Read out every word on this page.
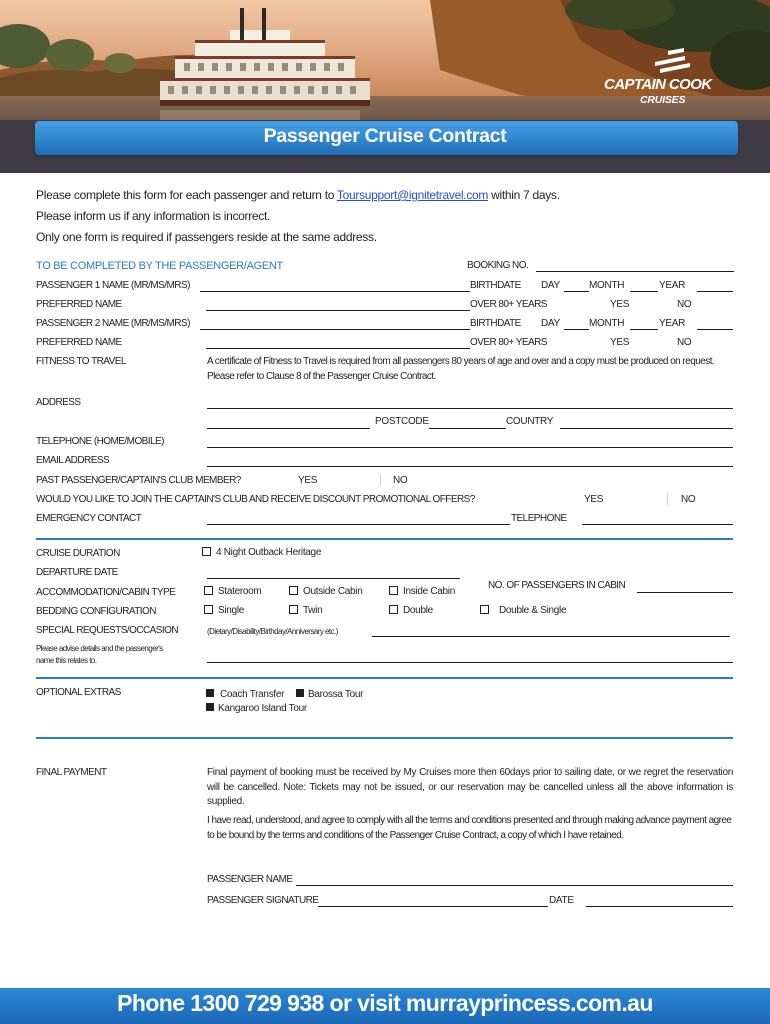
CAPTAIN COOK
CRUISES
Passenger Cruise Contract
Please complete this form for each passenger and return to Toursupport@ignitetravel.com within 7 days.
Please inform us if any information is incorrect.
Only one form is required if passengers reside at the same address.
TO BE COMPLETED BY THE PASSENGER/AGENT	BOOKING NO.
PASSENGER 1 NAME (MR/MS/MRS)	BIRTHDATE DAY	MONTH	YEAR
PREFERRED NAME	OVER 80+ YEARS	YES	NO
PASSENGER 2 NAME (MR/MS/MRS)	BIRTHDATE DAY	MONTH	YEAR
PREFERRED NAME	OVER 80+ YEARS	YES	NO
FITNESS TO TRAVEL	A certificate of Fitness to Travel is required from all passengers 80 years of age and over and a copy must be produced on request. Please refer to Clause 8 of the Passenger Cruise Contract.
ADDRESS
POSTCODE	COUNTRY
TELEPHONE (HOME/MOBILE)
EMAIL ADDRESS
PAST PASSENGER/CAPTAIN'S CLUB MEMBER?	YES	NO
WOULD YOU LIKE TO JOIN THE CAPTAIN'S CLUB AND RECEIVE DISCOUNT PROMOTIONAL OFFERS?	YES	NO
EMERGENCY CONTACT	TELEPHONE
CRUISE DURATION	4 Night Outback Heritage
DEPARTURE DATE
ACCOMMODATION/CABIN TYPE	Stateroom	Outside Cabin	Inside Cabin
NO. OF PASSENGERS IN CABIN
BEDDING CONFIGURATION	Single	Twin	Double	Double & Single
SPECIAL REQUESTS/OCCASION	(Dietary/Disability/Birthday/Anniversary etc.)
Please advise details and the passenger's
name this relates to.
OPTIONAL EXTRAS	Coach Transfer	Barossa Tour
Kangaroo Island Tour
FINAL PAYMENT	Final payment of booking must be received by My Cruises more then 60days prior to sailing date, or we regret the reservation will be cancelled. Note: Tickets may not be issued, or our reservation may be cancelled unless all the above information is supplied.
I have read, understood, and agree to comply with all the terms and conditions presented and through making advance payment agree to be bound by the terms and conditions of the Passenger Cruise Contract, a copy of which I have retained.
PASSENGER NAME
PASSENGER SIGNATURE	DATE
Phone 1300 729 938 or visit murrayprincess.com.au
